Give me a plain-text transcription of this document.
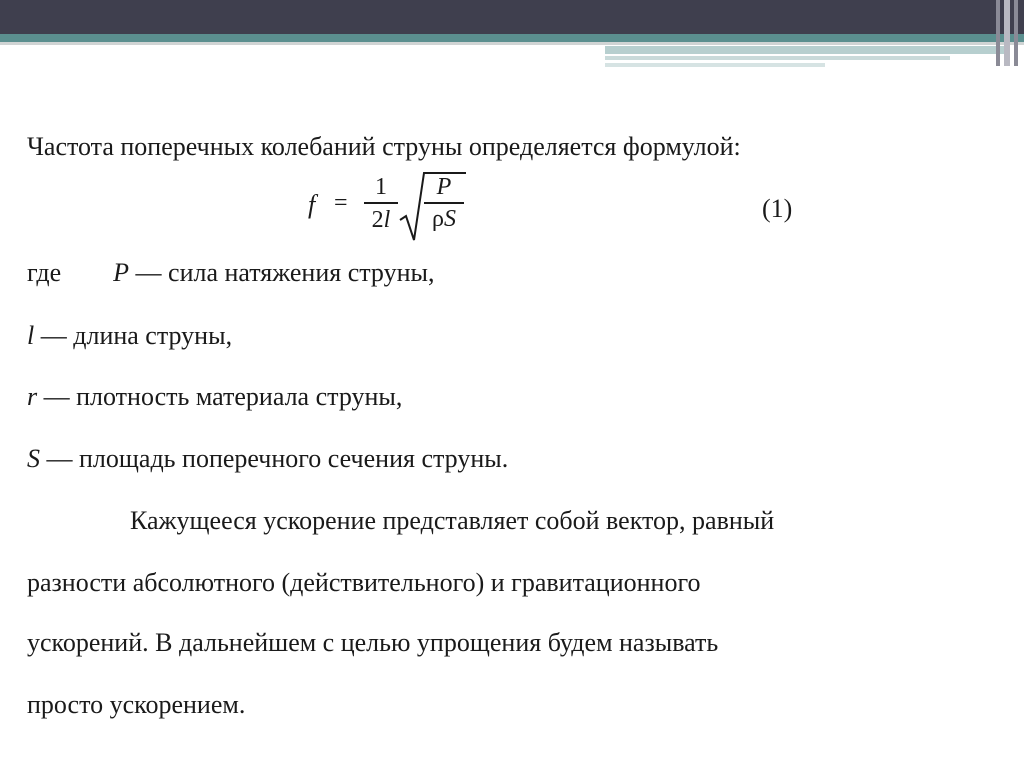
Частота поперечных колебаний струны определяется формулой:
f =
1
2l
P
ρS	(1)
где P — сила натяжения струны,
l — длина струны,
r — плотность материала струны,
S — площадь поперечного сечения струны.
Кажущееся ускорение представляет собой вектор, равный
разности абсолютного (действительного) и гравитационного
ускорений. В дальнейшем с целью упрощения будем называть
просто ускорением.
